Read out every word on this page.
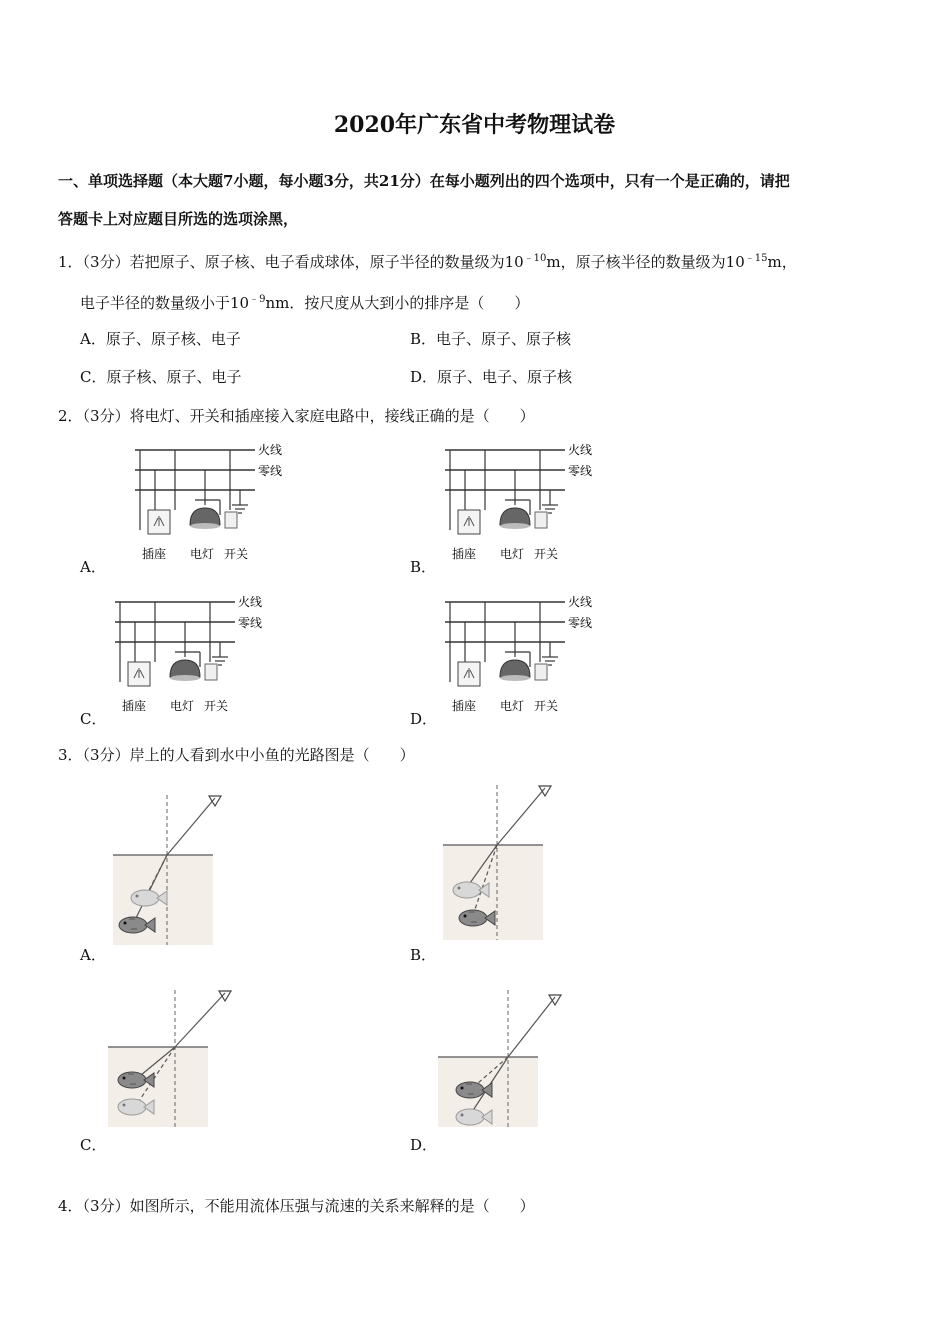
2020年广东省中考物理试卷
一、单项选择题（本大题7小题，每小题3分，共21分）在每小题列出的四个选项中，只有一个是正确的，请把
答题卡上对应题目所选的选项涂黑，
1．（3分）若把原子、原子核、电子看成球体，原子半径的数量级为$10^{﹣10}m$，原子核半径的数量级为$10^{﹣15}m$，
电子半径的数量级小于$10^{﹣9}nm$．按尺度从大到小的排序是（　　）
A．原子、原子核、电子	B．电子、原子、原子核
C．原子核、原子、电子	D．原子、电子、原子核
2．（3分）将电灯、开关和插座接入家庭电路中，接线正确的是（　　）
火线
零线
插座 电灯 开关
A．
火线
零线
插座 电灯 开关
B．
火线
零线
插座 电灯 开关
C．
火线
零线
插座 电灯 开关
D．
3．（3分）岸上的人看到水中小鱼的光路图是（　　）
A．	B．
C．	D．
4．（3分）如图所示，不能用流体压强与流速的关系来解释的是（　　）
